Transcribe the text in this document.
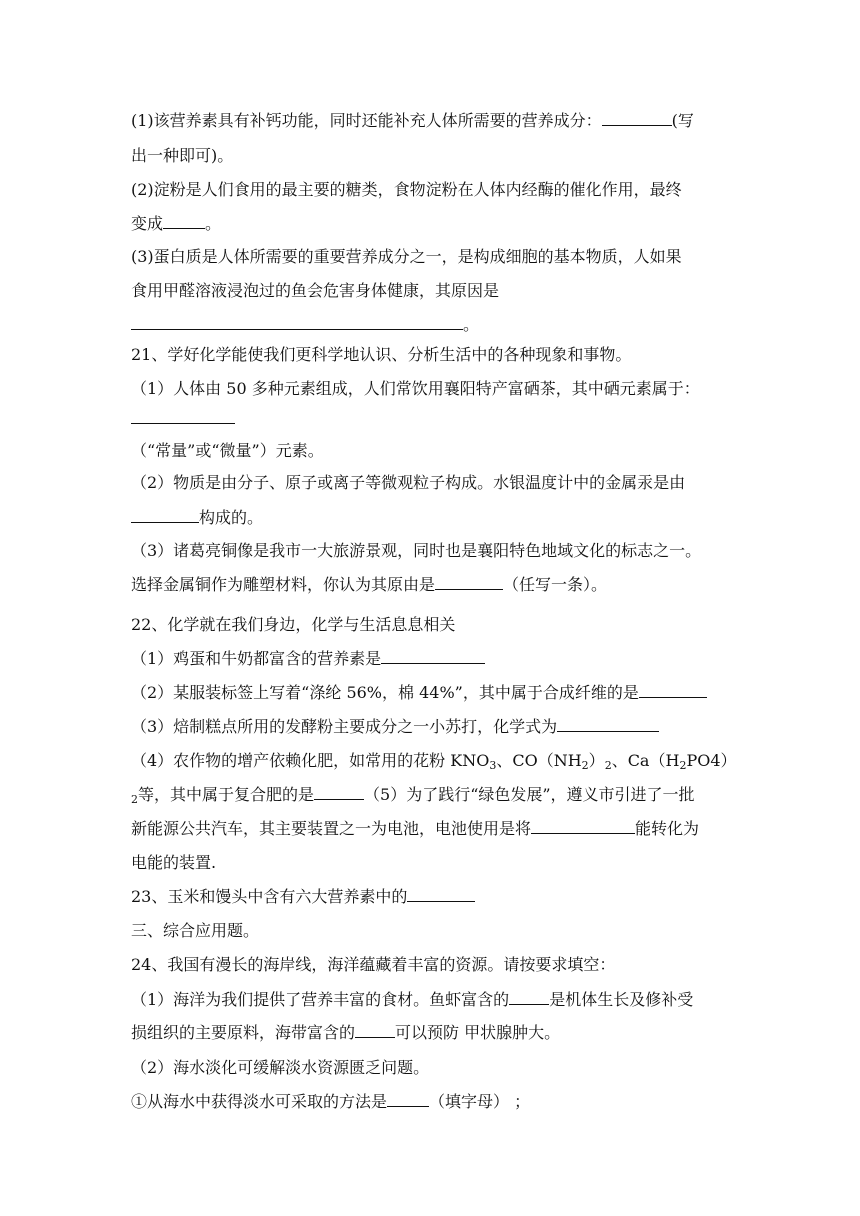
(1)该营养素具有补钙功能，同时还能补充人体所需要的营养成分：	(写
出一种即可)。
(2)淀粉是人们食用的最主要的糖类，食物淀粉在人体内经酶的催化作用，最终
变成	。
(3)蛋白质是人体所需要的重要营养成分之一，是构成细胞的基本物质，人如果
食用甲醛溶液浸泡过的鱼会危害身体健康，其原因是
。
21、学好化学能使我们更科学地认识、分析生活中的各种现象和事物。
（1）人体由 50 多种元素组成，人们常饮用襄阳特产富硒茶，其中硒元素属于：
（“常量”或“微量”）元素。
（2）物质是由分子、原子或离子等微观粒子构成。水银温度计中的金属汞是由
构成的。
（3）诸葛亮铜像是我市一大旅游景观，同时也是襄阳特色地域文化的标志之一。
选择金属铜作为雕塑材料，你认为其原由是	（任写一条）。
22、化学就在我们身边，化学与生活息息相关
（1）鸡蛋和牛奶都富含的营养素是
（2）某服装标签上写着“涤纶 56%，棉 44%”，其中属于合成纤维的是
（3）焙制糕点所用的发酵粉主要成分之一小苏打，化学式为
（4）农作物的增产依赖化肥，如常用的花粉 $KNO_3$、$CO(NH_2)_2$、$Ca(H_2PO4)$
$_2$等，其中属于复合肥的是	（5）为了践行“绿色发展”，遵义市引进了一批
新能源公共汽车，其主要装置之一为电池，电池使用是将	能转化为
电能的装置.
23、玉米和馒头中含有六大营养素中的
三、综合应用题。
24、我国有漫长的海岸线，海洋蕴藏着丰富的资源。请按要求填空：
（1）海洋为我们提供了营养丰富的食材。鱼虾富含的	是机体生长及修补受
损组织的主要原料，海带富含的	可以预防 甲状腺肿大。
（2）海水淡化可缓解淡水资源匮乏问题。
①从海水中获得淡水可采取的方法是	（填字母） ；
